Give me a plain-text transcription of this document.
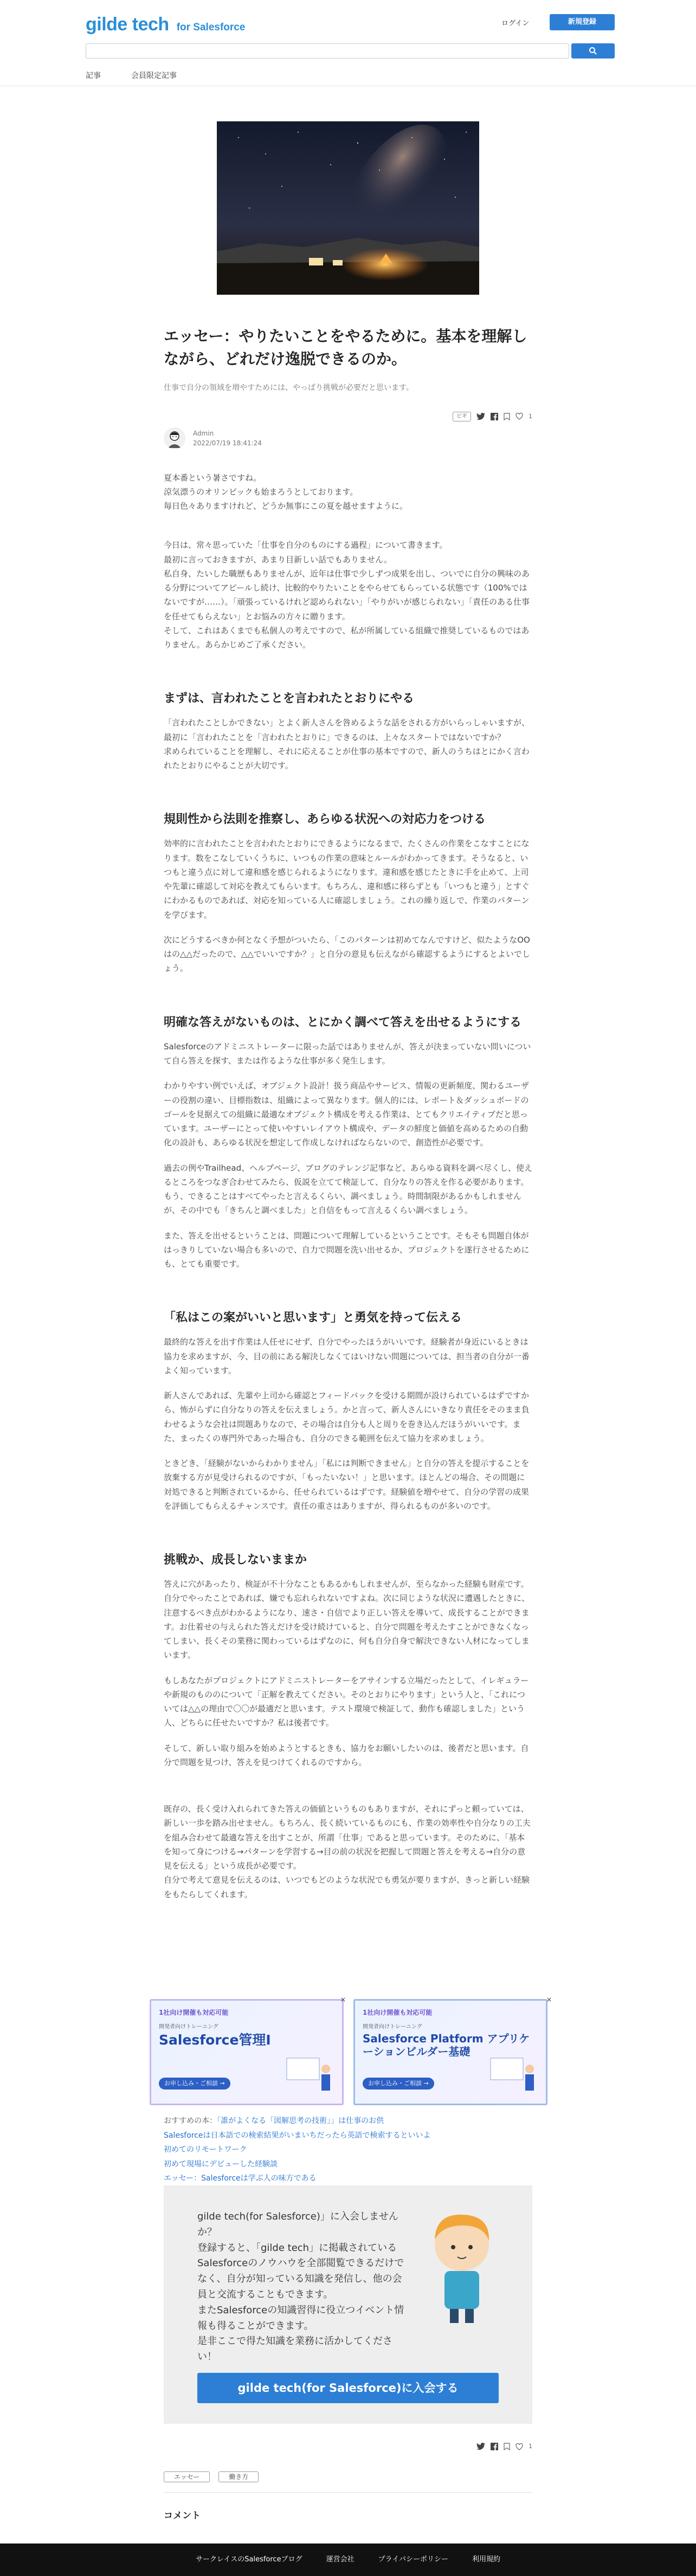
gilde tech for Salesforce	ログイン	新規登録
記事	会員限定記事
エッセー：やりたいことをやるために。基本を理解しながら、どれだけ逸脱できるのか。
仕事で自分の領域を増やすためには、やっぱり挑戦が必要だと思います。
ビギ	1
Admin
2022/07/19 18:41:24

夏本番という暑さですね。

涼気漂うのオリンピックも始まろうとしております。

毎日色々ありますけれど、どうか無事にこの夏を越せますように。

今日は、常々思っていた「仕事を自分のものにする過程」について書きます。

最初に言っておきますが、あまり目新しい話でもありません。

私自身、たいした職歴もありませんが、近年は仕事で少しずつ成果を出し、ついでに自分の興味のある分野についてアピールし続け、比較的やりたいことをやらせてもらっている状態です（100%ではないですが……）。「頑張っているけれど認められない」「やりがいが感じられない」「責任のある仕事を任せてもらえない」とお悩みの方々に贈ります。

そして、これはあくまでも私個人の考えですので、私が所属している組織で推奨しているものではありません。あらかじめご了承ください。

まずは、言われたことを言われたとおりにやる

「言われたことしかできない」とよく新人さんを咎めるような話をされる方がいらっしゃいますが、最初に「言われたことを「言われたとおりに」できるのは、上々なスタートではないですか？

求められていることを理解し、それに応えることが仕事の基本ですので、新人のうちはとにかく言われたとおりにやることが大切です。

規則性から法則を推察し、あらゆる状況への対応力をつける
効率的に言われたことを言われたとおりにできるようになるまで、たくさんの作業をこなすことになります。数をこなしていくうちに、いつもの作業の意味とルールがわかってきます。そうなると、いつもと違う点に対して違和感を感じられるようになります。違和感を感じたときに手を止めて、上司や先輩に確認して対応を教えてもらいます。もちろん、違和感に移らずとも「いつもと違う」とすぐにわかるものであれば、対応を知っている人に確認しましょう。これの繰り返しで、作業のパターンを学びます。
次にどうするべきか何となく予想がついたら、「このパターンは初めてなんですけど、似たようなOOはの△△だったので、△△でいいですか？」と自分の意見も伝えながら確認するようにするとよいでしょう。
明確な答えがないものは、とにかく調べて答えを出せるようにする
Salesforceのアドミニストレーターに限った話ではありませんが、答えが決まっていない問いについて自ら答えを探す、または作るような仕事が多く発生します。
わかりやすい例でいえば、オブジェクト設計！扱う商品やサービス、情報の更新頻度、関わるユーザーの役割の違い、目標指数は、組織によって異なります。個人的には、レポート＆ダッシュボードのゴールを見据えての組織に最適なオブジェクト構成を考える作業は、とてもクリエイティブだと思っています。ユーザーにとって使いやすいレイアウト構成や、データの鮮度と価値を高めるための自動化の設計も、あらゆる状況を想定して作成しなければならないので、創造性が必要です。
過去の例やTrailhead、ヘルプページ、ブログのテレンジ記事など、あらゆる資料を調べ尽くし、使えるところをつなぎ合わせてみたら、仮説を立てて検証して、自分なりの答えを作る必要があります。もう、できることはすべてやったと言えるくらい、調べましょう。時間制限があるかもしれませんが、その中でも「きちんと調べました」と自信をもって言えるくらい調べましょう。
また、答えを出せるということは、問題について理解しているということです。そもそも問題自体がはっきりしていない場合も多いので、自力で問題を洗い出せるか、プロジェクトを遂行させるためにも、とても重要です。
「私はこの案がいいと思います」と勇気を持って伝える
最終的な答えを出す作業は人任せにせず、自分でやったほうがいいです。経験者が身近にいるときは協力を求めますが、今、目の前にある解決しなくてはいけない問題については、担当者の自分が一番よく知っています。
新人さんであれば、先輩や上司から確認とフィードバックを受ける期間が設けられているはずですから、怖がらずに自分なりの答えを伝えましょう。かと言って、新人さんにいきなり責任をそのまま負わせるような会社は問題ありなので、その場合は自分も人と周りを巻き込んだほうがいいです。また、まったくの専門外であった場合も、自分のできる範囲を伝えて協力を求めましょう。
ときどき、「経験がないからわかりません」「私には判断できません」と自分の答えを提示することを放棄する方が見受けられるのですが、「もったいない！」と思います。ほとんどの場合、その問題に対処できると判断されているから、任せられているはずです。経験値を増やせて、自分の学習の成果を評価してもらえるチャンスです。責任の重さはありますが、得られるものが多いのです。
挑戦か、成長しないままか
答えに穴があったり、検証が不十分なこともあるかもしれませんが、至らなかった経験も財産です。自分でやったことであれば、嫌でも忘れられないですよね。次に同じような状況に遭遇したときに、注意するべき点がわかるようになり、速さ・自信でより正しい答えを導いて、成長することができます。お仕着せの与えられた答えだけを受け続けていると、自分で問題を考えたすことができなくなってしまい、長くその業務に関わっているはずなのに、何も自分自身で解決できない人材になってしまいます。
もしあなたがプロジェクトにアドミニストレーターをアサインする立場だったとして、イレギュラーや新規のもののについて「正解を教えてください。そのとおりにやります」という人と、「これについては△△の理由で〇〇が最適だと思います。テスト環境で検証して、動作も確認しました」という人、どちらに任せたいですか？私は後者です。
そして、新しい取り組みを始めようとするときも、協力をお願いしたいのは、後者だと思います。自分で問題を見つけ、答えを見つけてくれるのですから。
既存の、長く受け入れられてきた答えの価値というものもありますが、それにずっと頼っていては、新しい一歩を踏み出せません。もちろん、長く続いているものにも、作業の効率性や自分なりの工夫を組み合わせて最適な答えを出すことが、所謂「仕事」であると思っています。そのために、「基本を知って身につける→パターンを学習する→目の前の状況を把握して問題と答えを考える→自分の意見を伝える」という成長が必要です。
自分で考えて意見を伝えるのは、いつでもどのような状況でも勇気が要りますが、きっと新しい経験をもたらしてくれます。
1社向け開催も対応可能
開発者向けトレーニング
Salesforce管理Ⅰ
お申し込み・ご相談 →
×
1社向け開催も対応可能
開発者向けトレーニング
Salesforce Platform アプリケーションビルダー基礎
お申し込み・ご相談 →
×
おすすめの本：「誰がよくなる「図解思考の技術」」は仕事のお供
Salesforceは日本語での検索結果がいまいちだったら英語で検索するといいよ
初めてのリモートワーク
初めて現場にデビューした経験談
エッセー：Salesforceは学ぶ人の味方である
gilde tech(for Salesforce)」に入会しませんか？
登録すると、「gilde tech」に掲載されているSalesforceのノウハウを全部閲覧できるだけでなく、自分が知っている知識を発信し、他の会員と交流することもできます。
またSalesforceの知識習得に役立つイベント情報も得ることができます。
是非ここで得た知識を業務に活かしてください！
gilde tech(for Salesforce)に入会する
1
エッセー	働き方
コメント
サークレイスのSalesforceブログ	運営会社	プライバシーポリシー	利用規約
